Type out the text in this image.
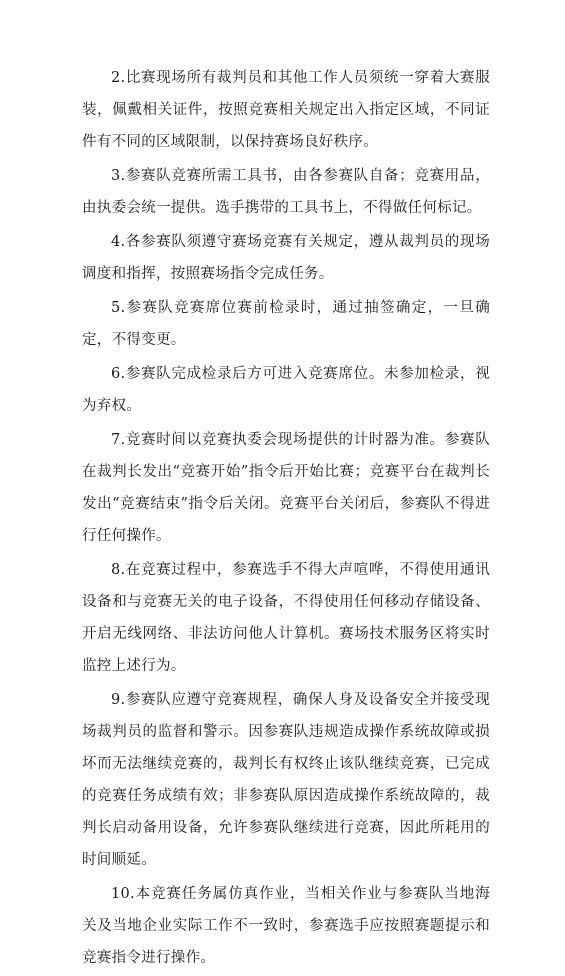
2.比赛现场所有裁判员和其他工作人员须统一穿着大赛服装，佩戴相关证件，按照竞赛相关规定出入指定区域，不同证件有不同的区域限制，以保持赛场良好秩序。

3.参赛队竞赛所需工具书，由各参赛队自备；竞赛用品，由执委会统一提供。选手携带的工具书上，不得做任何标记。

4.各参赛队须遵守赛场竞赛有关规定，遵从裁判员的现场调度和指挥，按照赛场指令完成任务。

5.参赛队竞赛席位赛前检录时，通过抽签确定，一旦确定，不得变更。

6.参赛队完成检录后方可进入竞赛席位。未参加检录，视为弃权。

7.竞赛时间以竞赛执委会现场提供的计时器为准。参赛队在裁判长发出“竞赛开始”指令后开始比赛；竞赛平台在裁判长发出“竞赛结束”指令后关闭。竞赛平台关闭后，参赛队不得进行任何操作。

8.在竞赛过程中，参赛选手不得大声喧哗，不得使用通讯设备和与竞赛无关的电子设备，不得使用任何移动存储设备、开启无线网络、非法访问他人计算机。赛场技术服务区将实时监控上述行为。

9.参赛队应遵守竞赛规程，确保人身及设备安全并接受现场裁判员的监督和警示。因参赛队违规造成操作系统故障或损坏而无法继续竞赛的，裁判长有权终止该队继续竞赛，已完成的竞赛任务成绩有效；非参赛队原因造成操作系统故障的，裁判长启动备用设备，允许参赛队继续进行竞赛，因此所耗用的时间顺延。

10.本竞赛任务属仿真作业，当相关作业与参赛队当地海关及当地企业实际工作不一致时，参赛选手应按照赛题提示和竞赛指令进行操作。
